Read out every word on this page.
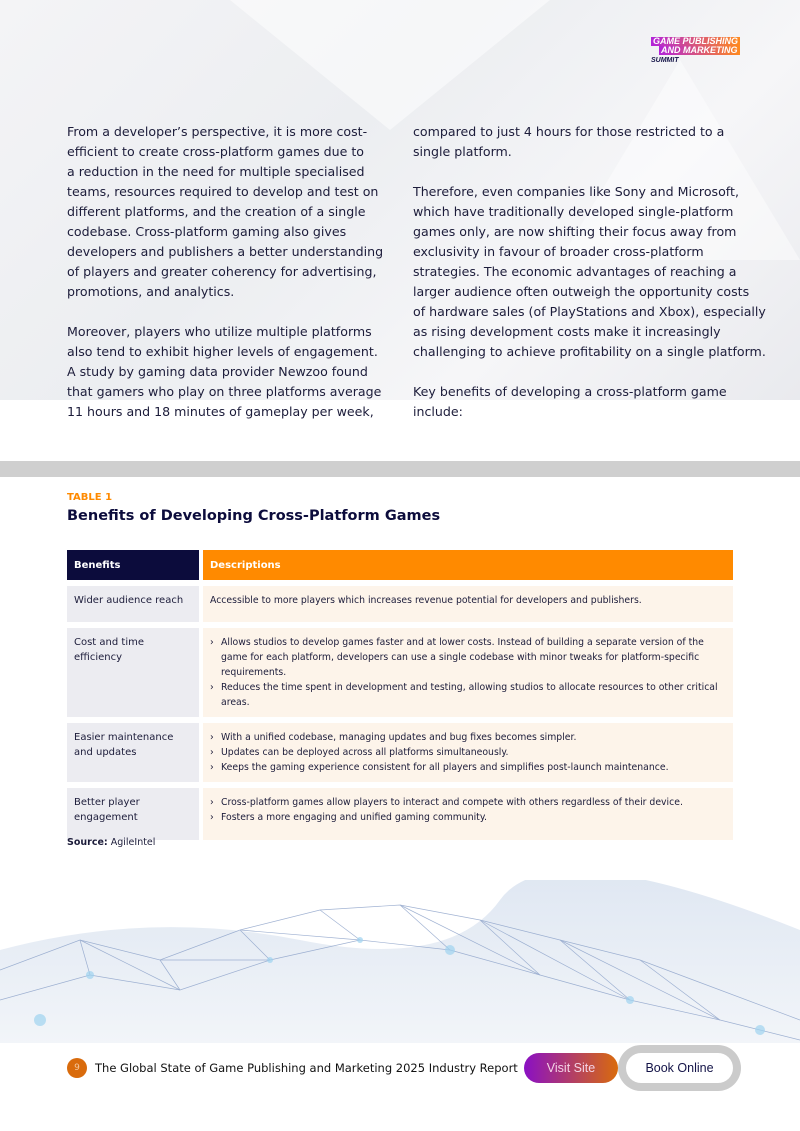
GAME PUBLISHING
AND MARKETING
SUMMIT

From a developer’s perspective, it is more cost-
efficient to create cross-platform games due to
a reduction in the need for multiple specialised
teams, resources required to develop and test on
different platforms, and the creation of a single
codebase. Cross-platform gaming also gives
developers and publishers a better understanding
of players and greater coherency for advertising,
promotions, and analytics.

Moreover, players who utilize multiple platforms
also tend to exhibit higher levels of engagement.
A study by gaming data provider Newzoo found
that gamers who play on three platforms average
11 hours and 18 minutes of gameplay per week,

compared to just 4 hours for those restricted to a
single platform.

Therefore, even companies like Sony and Microsoft,
which have traditionally developed single-platform
games only, are now shifting their focus away from
exclusivity in favour of broader cross-platform
strategies. The economic advantages of reaching a
larger audience often outweigh the opportunity costs
of hardware sales (of PlayStations and Xbox), especially
as rising development costs make it increasingly
challenging to achieve profitability on a single platform.

Key benefits of developing a cross-platform game
include:

TABLE 1
Benefits of Developing Cross-Platform Games
Benefits	Descriptions
Wider audience reach	Accessible to more players which increases revenue potential for developers and publishers.
Cost and time efficiency
› Allows studios to develop games faster and at lower costs. Instead of building a separate version of the game for each platform, developers can use a single codebase with minor tweaks for platform-specific requirements.
› Reduces the time spent in development and testing, allowing studios to allocate resources to other critical areas.
Easier maintenance and updates
› With a unified codebase, managing updates and bug fixes becomes simpler.
› Updates can be deployed across all platforms simultaneously.
› Keeps the gaming experience consistent for all players and simplifies post-launch maintenance.
Better player engagement
› Cross-platform games allow players to interact and compete with others regardless of their device.
› Fosters a more engaging and unified gaming community.
Source: AgileIntel
9	The Global State of Game Publishing and Marketing 2025 Industry Report	Visit Site	Book Online
